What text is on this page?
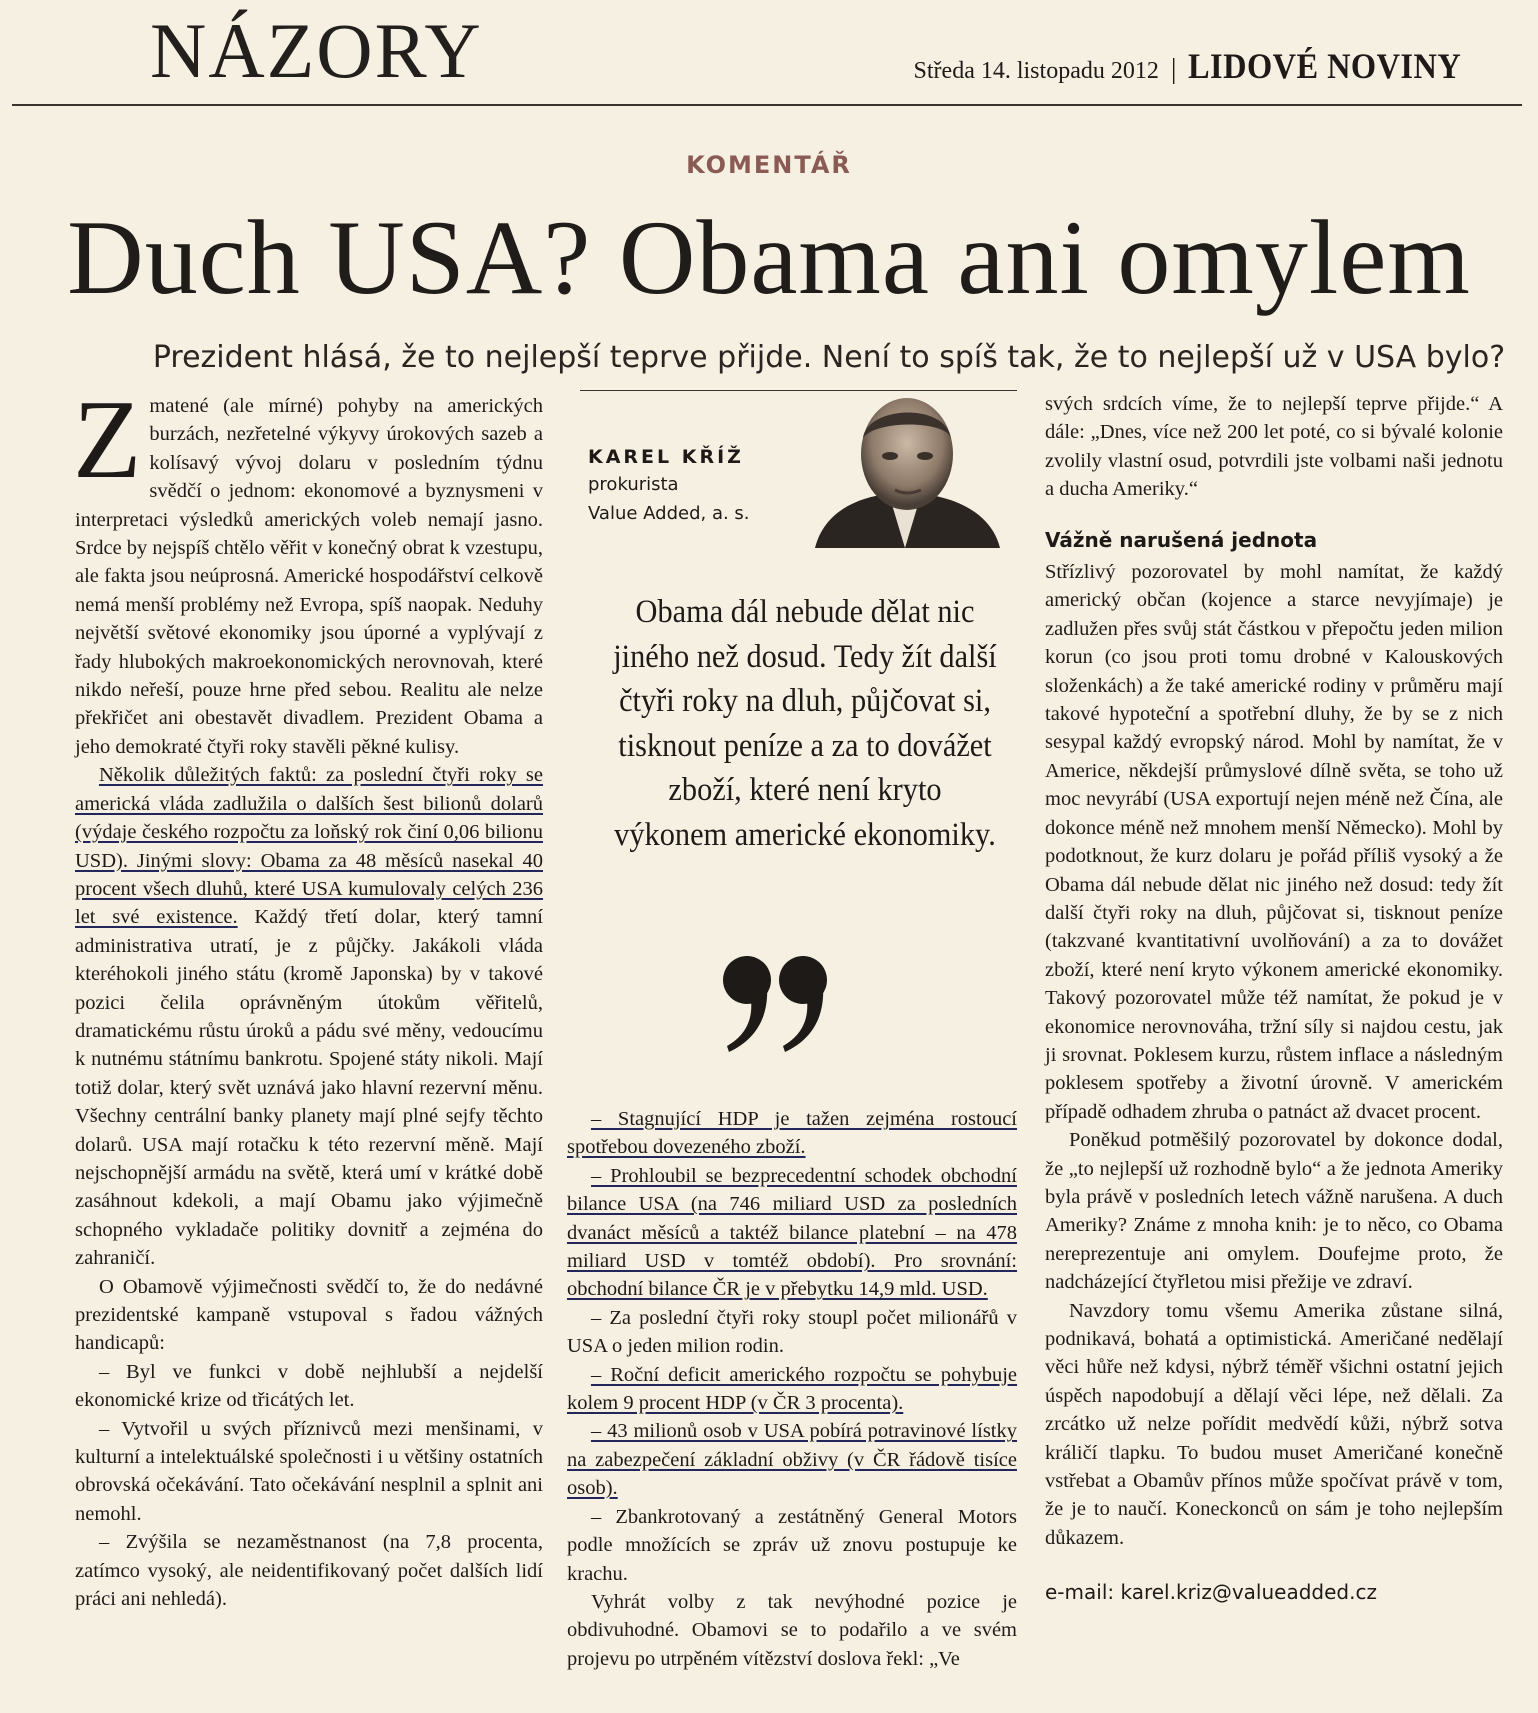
NÁZORY	Středa 14. listopadu 2012 | LIDOVÉ NOVINY
KOMENTÁŘ
Duch USA? Obama ani omylem
Prezident hlásá, že to nejlepší teprve přijde. Není to spíš tak, že to nejlepší už v USA bylo?

Zmatené (ale mírné) pohyby na amerických burzách, nezřetelné výkyvy úrokových sazeb a kolísavý vývoj dolaru v posledním týdnu svědčí o jednom: ekonomové a byznysmeni v interpretaci výsledků amerických voleb nemají jasno. Srdce by nejspíš chtělo věřit v konečný obrat k vzestupu, ale fakta jsou neúprosná. Americké hospodářství celkově nemá menší problémy než Evropa, spíš naopak. Neduhy největší světové ekonomiky jsou úporné a vyplývají z řady hlubokých makroekonomických nerovnovah, které nikdo neřeší, pouze hrne před sebou. Realitu ale nelze překřičet ani obestavět divadlem. Prezident Obama a jeho demokraté čtyři roky stavěli pěkné kulisy.

Několik důležitých faktů: za poslední čtyři roky se americká vláda zadlužila o dalších šest bilionů dolarů (výdaje českého rozpočtu za loňský rok činí 0,06 bilionu USD). Jinými slovy: Obama za 48 měsíců nasekal 40 procent všech dluhů, které USA kumulovaly celých 236 let své existence. Každý třetí dolar, který tamní administrativa utratí, je z půjčky. Jakákoli vláda kteréhokoli jiného státu (kromě Japonska) by v takové pozici čelila oprávněným útokům věřitelů, dramatickému růstu úroků a pádu své měny, vedoucímu k nutnému státnímu bankrotu. Spojené státy nikoli. Mají totiž dolar, který svět uznává jako hlavní rezervní měnu. Všechny centrální banky planety mají plné sejfy těchto dolarů. USA mají rotačku k této rezervní měně. Mají nejschopnější armádu na světě, která umí v krátké době zasáhnout kdekoli, a mají Obamu jako výjimečně schopného vykladače politiky dovnitř a zejména do zahraničí.

O Obamově výjimečnosti svědčí to, že do nedávné prezidentské kampaně vstupoval s řadou vážných handicapů:

– Byl ve funkci v době nejhlubší a nejdelší ekonomické krize od třicátých let.

– Vytvořil u svých příznivců mezi menšinami, v kulturní a intelektuálské společnosti i u většiny ostatních obrovská očekávání. Tato očekávání nesplnil a splnit ani nemohl.

– Zvýšila se nezaměstnanost (na 7,8 procenta, zatímco vysoký, ale neidentifikovaný počet dalších lidí práci ani nehledá).

KAREL KŘÍŽ
prokurista
Value Added, a. s.
Obama dál nebude dělat nic jiného než dosud. Tedy žít další čtyři roky na dluh, půjčovat si, tisknout peníze a za to dovážet zboží, které není kryto výkonem americké ekonomiky.

– Stagnující HDP je tažen zejména rostoucí spotřebou dovezeného zboží.

– Prohloubil se bezprecedentní schodek obchodní bilance USA (na 746 miliard USD za posledních dvanáct měsíců a taktéž bilance platební – na 478 miliard USD v tomtéž období). Pro srovnání: obchodní bilance ČR je v přebytku 14,9 mld. USD.

– Za poslední čtyři roky stoupl počet milionářů v USA o jeden milion rodin.

– Roční deficit amerického rozpočtu se pohybuje kolem 9 procent HDP (v ČR 3 procenta).

– 43 milionů osob v USA pobírá potravinové lístky na zabezpečení základní obživy (v ČR řádově tisíce osob).

– Zbankrotovaný a zestátněný General Motors podle množících se zpráv už znovu postupuje ke krachu.

Vyhrát volby z tak nevýhodné pozice je obdivuhodné. Obamovi se to podařilo a ve svém projevu po utrpěném vítězství doslova řekl: „Ve

svých srdcích víme, že to nejlepší teprve přijde.“ A dále: „Dnes, více než 200 let poté, co si bývalé kolonie zvolily vlastní osud, potvrdili jste volbami naši jednotu a ducha Ameriky.“

Vážně narušená jednota

Střízlivý pozorovatel by mohl namítat, že každý americký občan (kojence a starce nevyjímaje) je zadlužen přes svůj stát částkou v přepočtu jeden milion korun (co jsou proti tomu drobné v Kalouskových složenkách) a že také americké rodiny v průměru mají takové hypoteční a spotřební dluhy, že by se z nich sesypal každý evropský národ. Mohl by namítat, že v Americe, někdejší průmyslové dílně světa, se toho už moc nevyrábí (USA exportují nejen méně než Čína, ale dokonce méně než mnohem menší Německo). Mohl by podotknout, že kurz dolaru je pořád příliš vysoký a že Obama dál nebude dělat nic jiného než dosud: tedy žít další čtyři roky na dluh, půjčovat si, tisknout peníze (takzvané kvantitativní uvolňování) a za to dovážet zboží, které není kryto výkonem americké ekonomiky. Takový pozorovatel může též namítat, že pokud je v ekonomice nerovnováha, tržní síly si najdou cestu, jak ji srovnat. Poklesem kurzu, růstem inflace a následným poklesem spotřeby a životní úrovně. V americkém případě odhadem zhruba o patnáct až dvacet procent.

Poněkud potměšilý pozorovatel by dokonce dodal, že „to nejlepší už rozhodně bylo“ a že jednota Ameriky byla právě v posledních letech vážně narušena. A duch Ameriky? Známe z mnoha knih: je to něco, co Obama nereprezentuje ani omylem. Doufejme proto, že nadcházející čtyřletou misi přežije ve zdraví.

Navzdory tomu všemu Amerika zůstane silná, podnikavá, bohatá a optimistická. Američané nedělají věci hůře než kdysi, nýbrž téměř všichni ostatní jejich úspěch napodobují a dělají věci lépe, než dělali. Za zrcátko už nelze pořídit medvědí kůži, nýbrž sotva králičí tlapku. To budou muset Američané konečně vstřebat a Obamův přínos může spočívat právě v tom, že je to naučí. Koneckonců on sám je toho nejlepším důkazem.

e-mail: karel.kriz@valueadded.cz
